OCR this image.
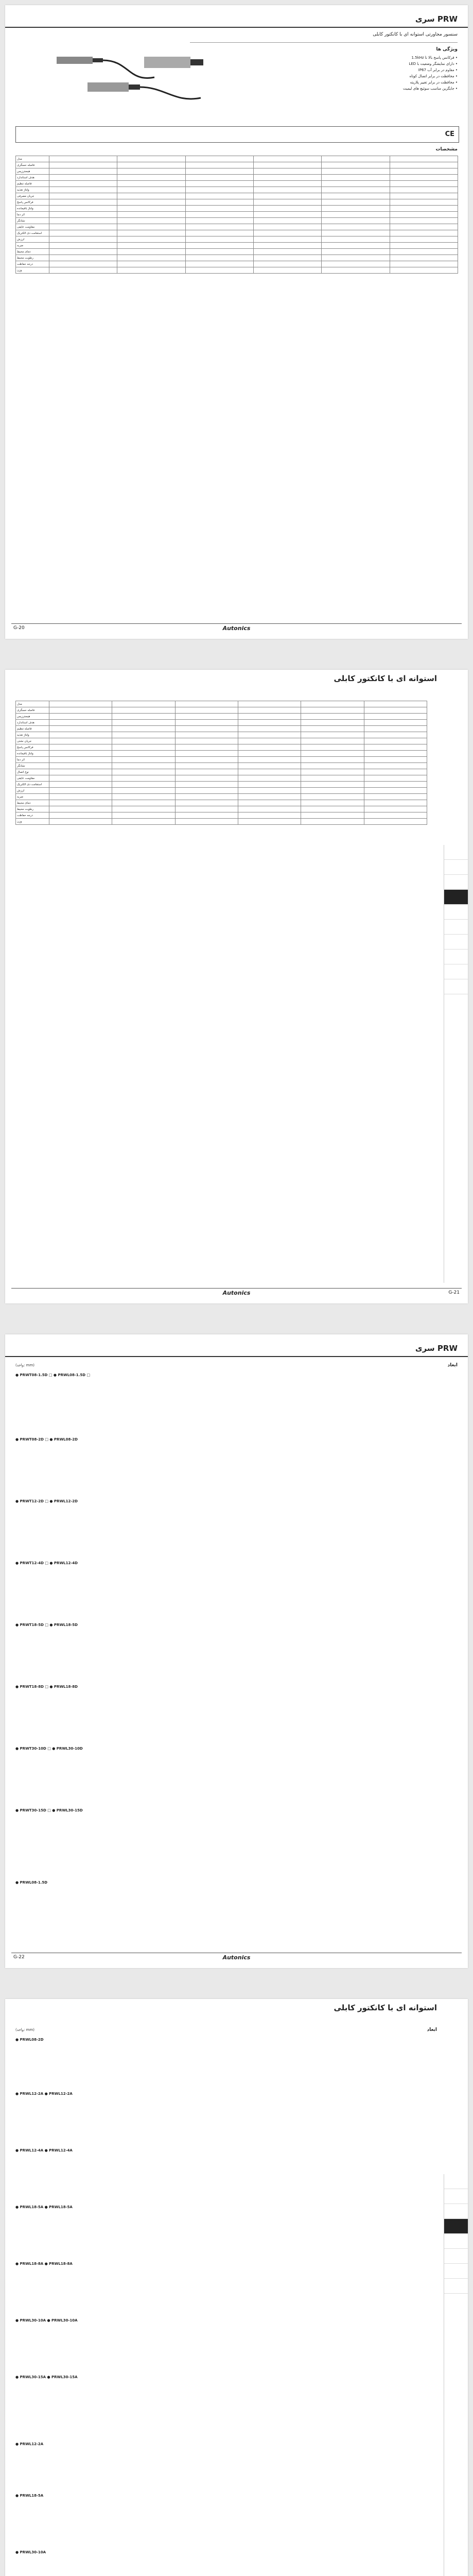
سری PRW
سنسور مجاورتی استوانه ای با کانکتور کابلی
ویژگی ها
• فرکانس پاسخ بالا تا 1.5kHz
• دارای نمایشگر وضعیت با LED
• مقاوم در برابر آب IP67
• محافظت در برابر اتصال کوتاه
• محافظت در برابر تغییر پلاریته
• جایگزین مناسب سوئیچ های لیمیت
CE
مشخصات
مدل						
فاصله حسگری						
هیسترزیس						
هدف استاندارد						
فاصله تنظیم						
ولتاژ تغذیه						
جریان مصرفی						
فرکانس پاسخ						
ولتاژ باقیمانده						
اثر دما						
نشانگر						
مقاومت عایقی						
استقامت دی الکتریک						
لرزش						
ضربه						
دمای محیط						
رطوبت محیط						
درجه حفاظت						
وزن						
G-20	Autonics
استوانه ای با کانکتور کابلی
مدل						
فاصله حسگری						
هیسترزیس						
هدف استاندارد						
فاصله تنظیم						
ولتاژ تغذیه						
جریان نشتی						
فرکانس پاسخ						
ولتاژ باقیمانده						
اثر دما						
نشانگر						
نوع اتصال						
مقاومت عایقی						
استقامت دی الکتریک						
لرزش						
ضربه						
دمای محیط						
رطوبت محیط						
درجه حفاظت						
وزن						
Autonics	G-21
سری PRW
ابعاد
(واحد: mm)
● PRWT08-1.5D □ ● PRWL08-1.5D □
● PRWT08-2D □ ● PRWL08-2D
● PRWT12-2D □ ● PRWL12-2D
● PRWT12-4D □ ● PRWL12-4D
● PRWT18-5D □ ● PRWL18-5D
● PRWT18-8D □ ● PRWL18-8D
● PRWT30-10D □ ● PRWL30-10D
● PRWT30-15D □ ● PRWL30-15D
● PRWL08-1.5D
G-22	Autonics
استوانه ای با کانکتور کابلی
ابعاد
(واحد: mm)
● PRWL08-2D
● PRWL12-2A ● PRWL12-2A
● PRWL12-4A ● PRWL12-4A
● PRWL18-5A ● PRWL18-5A
● PRWL18-8A ● PRWL18-8A
● PRWL30-10A ● PRWL30-10A
● PRWL30-15A ● PRWL30-15A
● PRWL12-2A
● PRWL18-5A
● PRWL30-10A
